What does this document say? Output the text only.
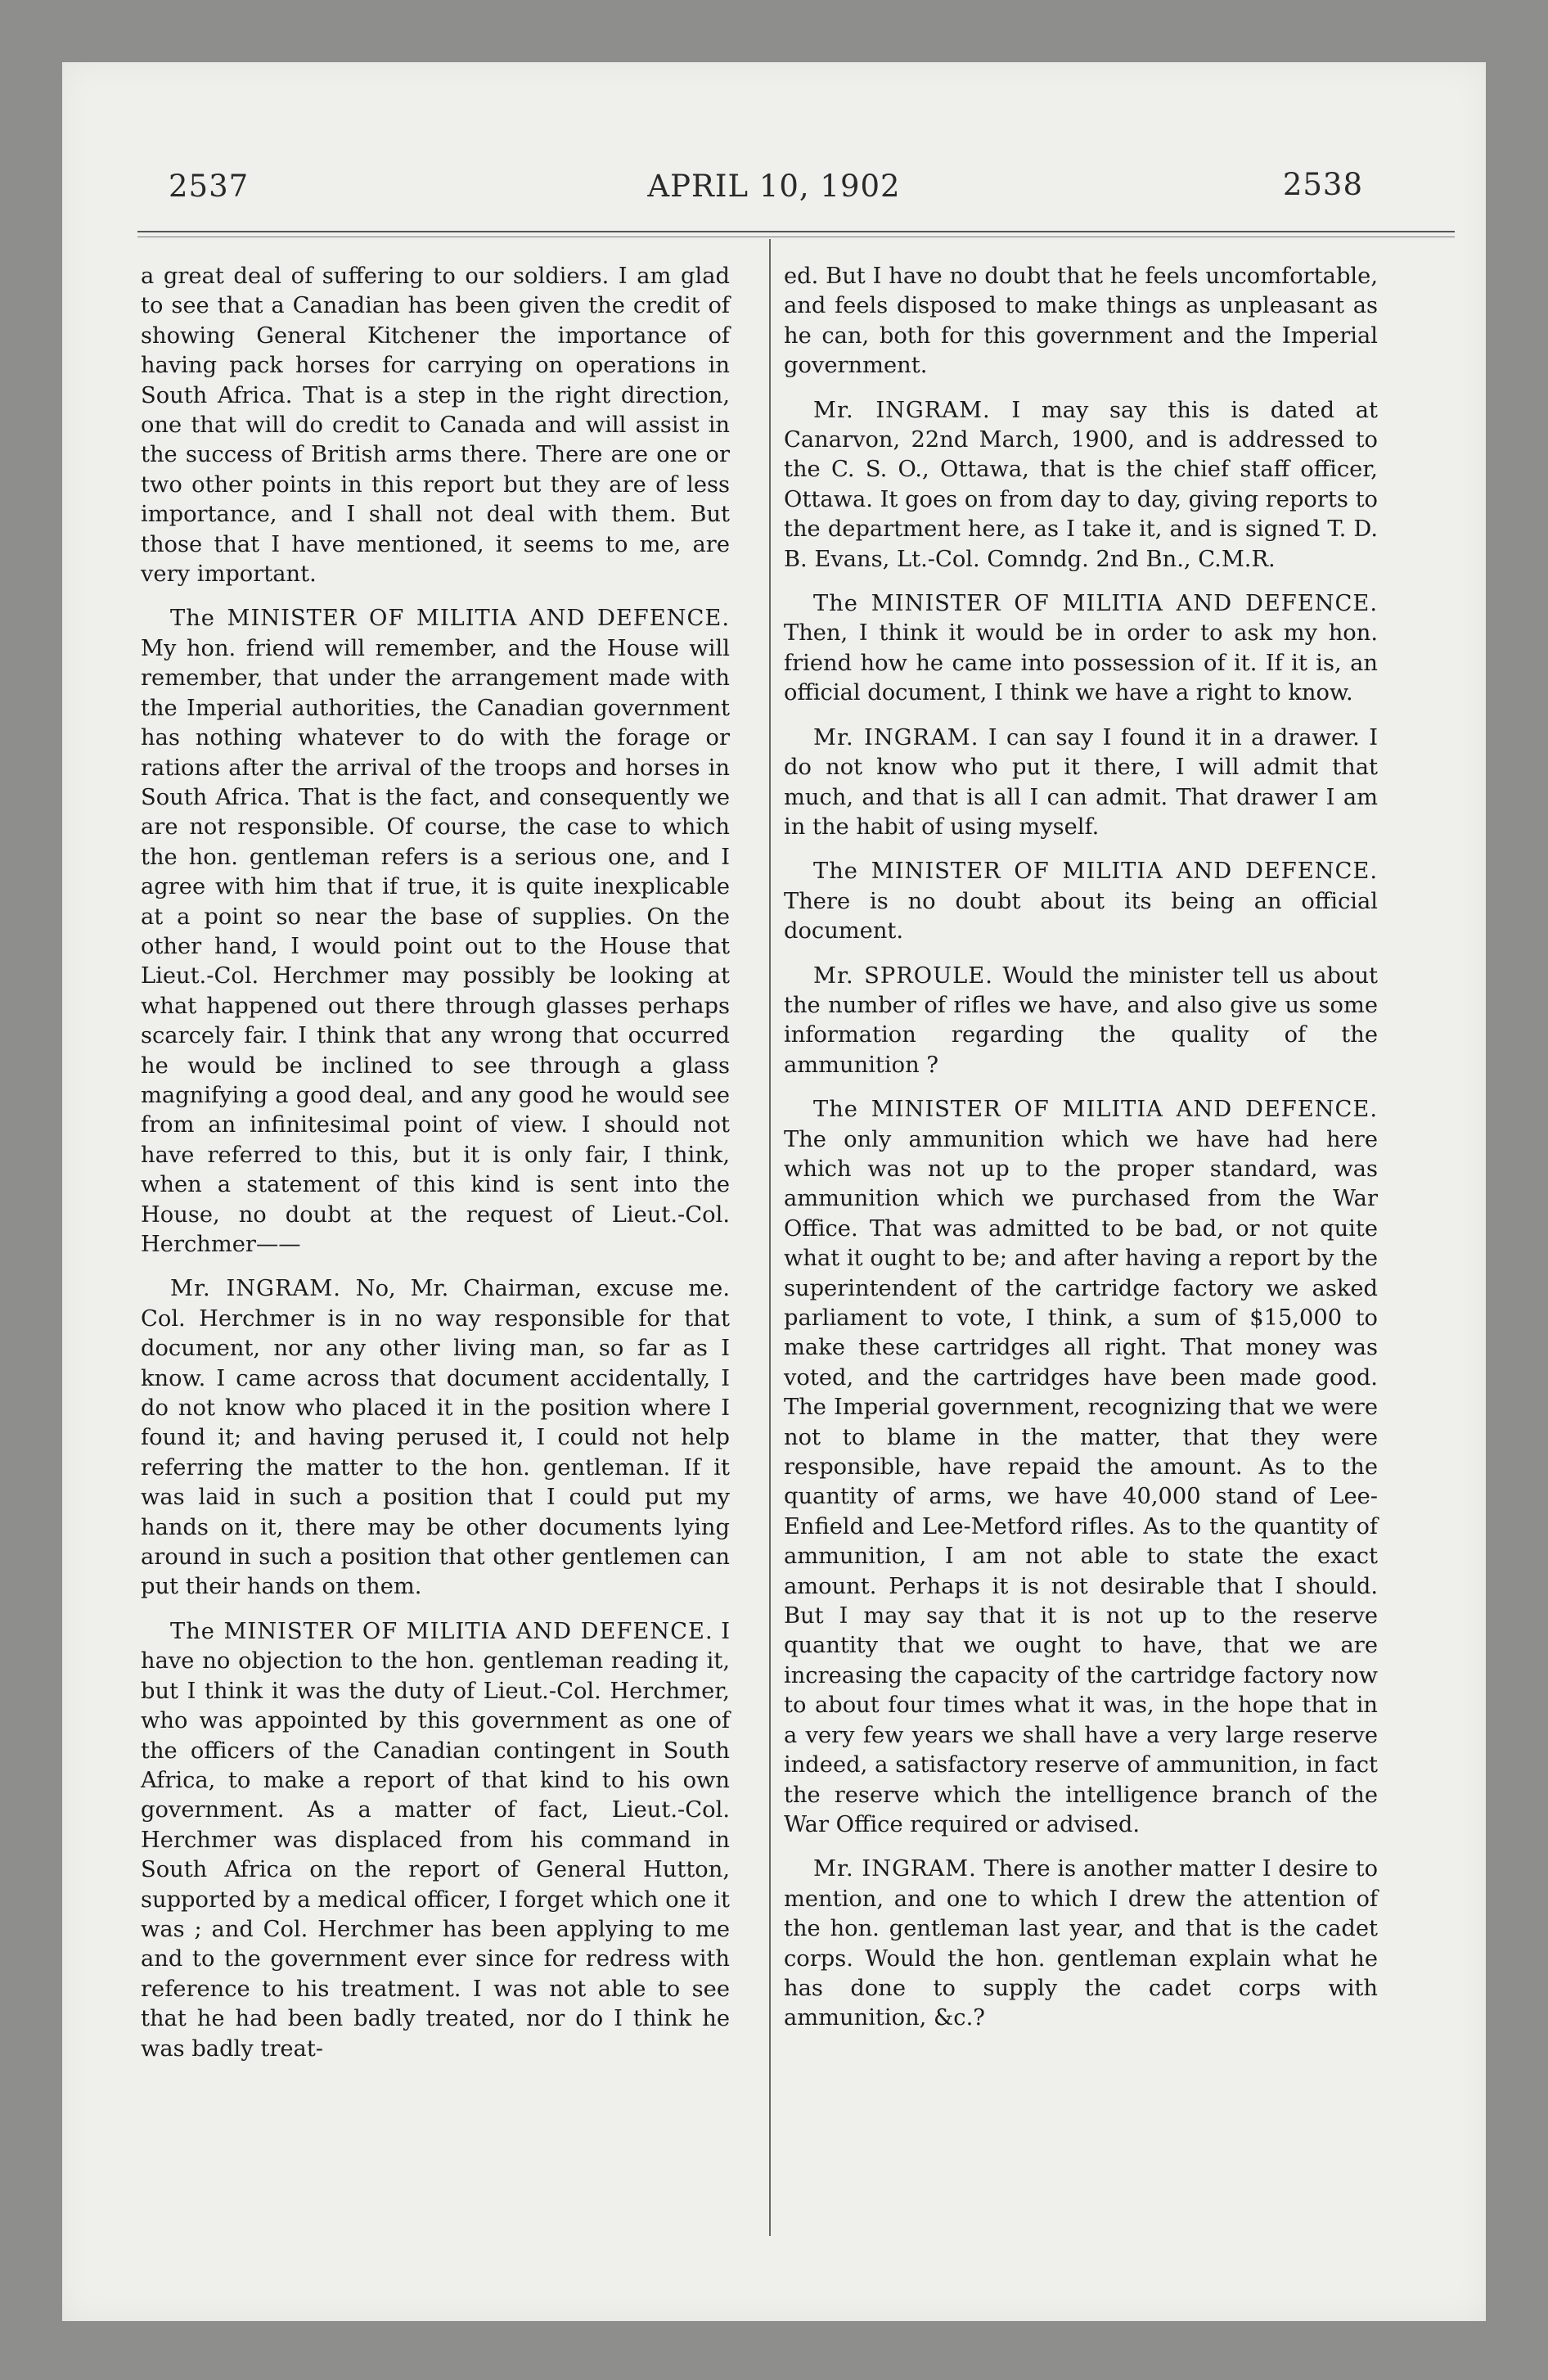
2537	APRIL 10, 1902	2538

a great deal of suffering to our soldiers. I am glad to see that a Canadian has been given the credit of showing General Kitchener the importance of having pack horses for carrying on operations in South Africa. That is a step in the right direction, one that will do credit to Canada and will assist in the success of British arms there. There are one or two other points in this report but they are of less importance, and I shall not deal with them. But those that I have mentioned, it seems to me, are very important.

The MINISTER OF MILITIA AND DEFENCE. My hon. friend will remember, and the House will remember, that under the arrangement made with the Imperial authorities, the Canadian government has nothing whatever to do with the forage or rations after the arrival of the troops and horses in South Africa. That is the fact, and consequently we are not responsible. Of course, the case to which the hon. gentleman refers is a serious one, and I agree with him that if true, it is quite inexplicable at a point so near the base of supplies. On the other hand, I would point out to the House that Lieut.-Col. Herchmer may possibly be looking at what happened out there through glasses perhaps scarcely fair. I think that any wrong that occurred he would be inclined to see through a glass magnifying a good deal, and any good he would see from an infinitesimal point of view. I should not have referred to this, but it is only fair, I think, when a statement of this kind is sent into the House, no doubt at the request of Lieut.-Col. Herchmer——

Mr. INGRAM. No, Mr. Chairman, excuse me. Col. Herchmer is in no way responsible for that document, nor any other living man, so far as I know. I came across that document accidentally, I do not know who placed it in the position where I found it; and having perused it, I could not help referring the matter to the hon. gentleman. If it was laid in such a position that I could put my hands on it, there may be other documents lying around in such a position that other gentlemen can put their hands on them.

The MINISTER OF MILITIA AND DEFENCE. I have no objection to the hon. gentleman reading it, but I think it was the duty of Lieut.-Col. Herchmer, who was appointed by this government as one of the officers of the Canadian contingent in South Africa, to make a report of that kind to his own government. As a matter of fact, Lieut.-Col. Herchmer was displaced from his command in South Africa on the report of General Hutton, supported by a medical officer, I forget which one it was ; and Col. Herchmer has been applying to me and to the government ever since for redress with reference to his treatment. I was not able to see that he had been badly treated, nor do I think he was badly treat-

ed. But I have no doubt that he feels uncomfortable, and feels disposed to make things as unpleasant as he can, both for this government and the Imperial government.

Mr. INGRAM. I may say this is dated at Canarvon, 22nd March, 1900, and is addressed to the C. S. O., Ottawa, that is the chief staff officer, Ottawa. It goes on from day to day, giving reports to the department here, as I take it, and is signed T. D. B. Evans, Lt.-Col. Comndg. 2nd Bn., C.M.R.

The MINISTER OF MILITIA AND DEFENCE. Then, I think it would be in order to ask my hon. friend how he came into possession of it. If it is, an official document, I think we have a right to know.

Mr. INGRAM. I can say I found it in a drawer. I do not know who put it there, I will admit that much, and that is all I can admit. That drawer I am in the habit of using myself.

The MINISTER OF MILITIA AND DEFENCE. There is no doubt about its being an official document.

Mr. SPROULE. Would the minister tell us about the number of rifles we have, and also give us some information regarding the quality of the ammunition ?

The MINISTER OF MILITIA AND DEFENCE. The only ammunition which we have had here which was not up to the proper standard, was ammunition which we purchased from the War Office. That was admitted to be bad, or not quite what it ought to be; and after having a report by the superintendent of the cartridge factory we asked parliament to vote, I think, a sum of $15,000 to make these cartridges all right. That money was voted, and the cartridges have been made good. The Imperial government, recognizing that we were not to blame in the matter, that they were responsible, have repaid the amount. As to the quantity of arms, we have 40,000 stand of Lee-Enfield and Lee-Metford rifles. As to the quantity of ammunition, I am not able to state the exact amount. Perhaps it is not desirable that I should. But I may say that it is not up to the reserve quantity that we ought to have, that we are increasing the capacity of the cartridge factory now to about four times what it was, in the hope that in a very few years we shall have a very large reserve indeed, a satisfactory reserve of ammunition, in fact the reserve which the intelligence branch of the War Office required or advised.

Mr. INGRAM. There is another matter I desire to mention, and one to which I drew the attention of the hon. gentleman last year, and that is the cadet corps. Would the hon. gentleman explain what he has done to supply the cadet corps with ammunition, &c.?
